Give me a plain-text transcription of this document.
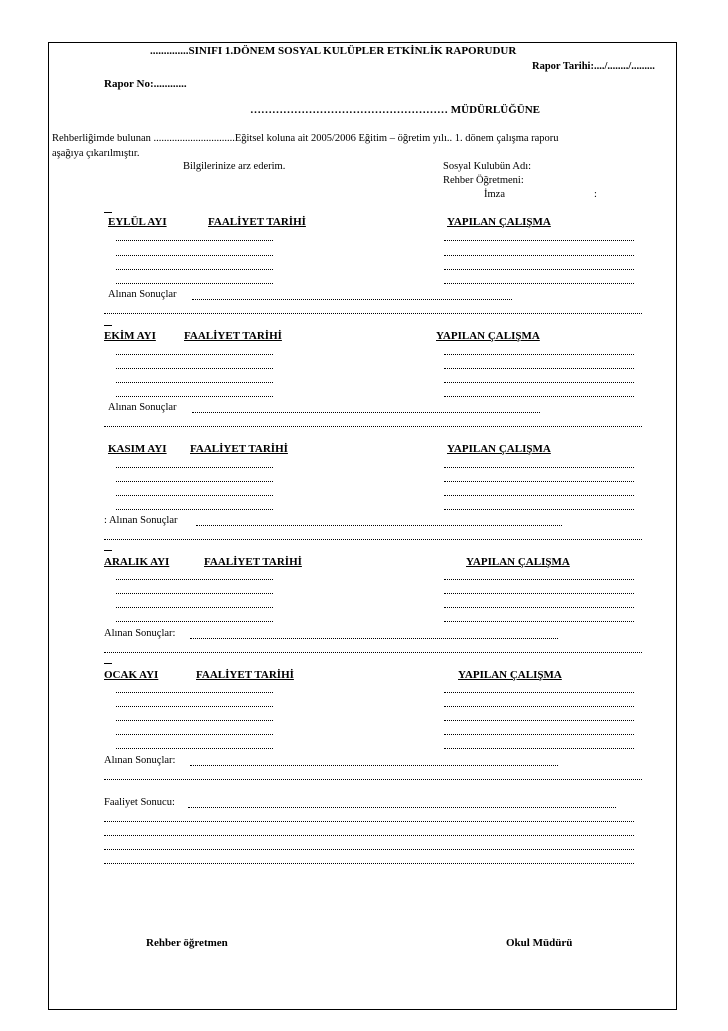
..............SINIFI 1.DÖNEM SOSYAL KULÜPLER ETKİNLİK RAPORUDUR
Rapor Tarihi:..../......../.........
Rapor No:............
……………………………………………… MÜDÜRLÜĞÜNE
Rehberliğimde bulunan ...............................Eğitsel koluna ait 2005/2006 Eğitim – öğretim yılı.. 1. dönem çalışma raporu
aşağıya çıkarılmıştır.
Bilgilerinize arz ederim.	Sosyal Kulubün Adı:
Rehber Öğretmeni:
İmza	:
EYLÜL AYI	FAALİYET TARİHİ	YAPILAN ÇALIŞMA
Alınan Sonuçlar
EKİM AYI	FAALİYET TARİHİ	YAPILAN ÇALIŞMA
Alınan Sonuçlar
KASIM AYI FAALİYET TARİHİ	YAPILAN ÇALIŞMA
: Alınan Sonuçlar
ARALIK AYI	FAALİYET TARİHİ	YAPILAN ÇALIŞMA
Alınan Sonuçlar:
OCAK AYI	FAALİYET TARİHİ	YAPILAN ÇALIŞMA
Alınan Sonuçlar:
Faaliyet Sonucu:
Rehber öğretmen	Okul Müdürü
